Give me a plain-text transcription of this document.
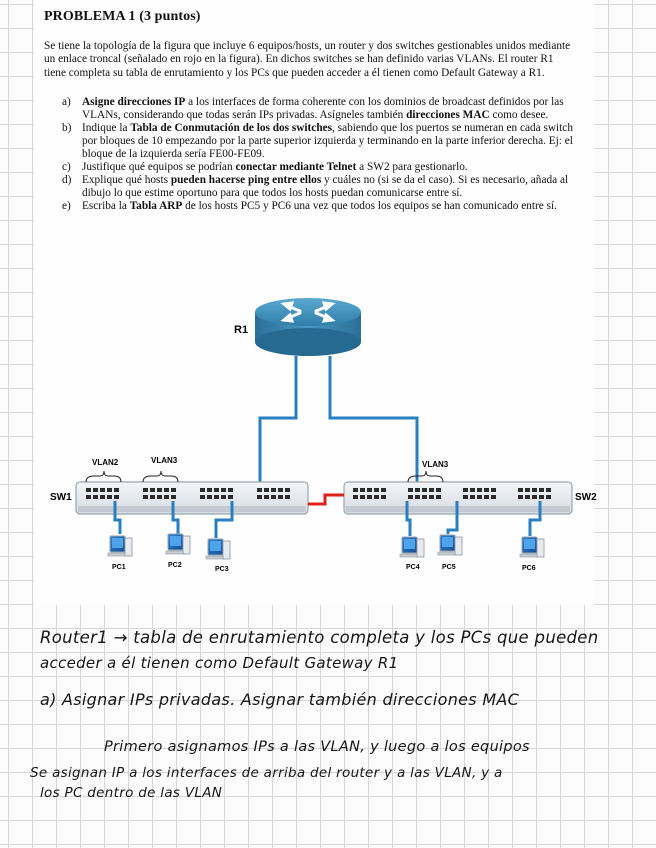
PROBLEMA 1 (3 puntos)
Se tiene la topología de la figura que incluye 6 equipos/hosts, un router y dos switches gestionables unidos mediante un enlace troncal (señalado en rojo en la figura). En dichos switches se han definido varias VLANs. El router R1 tiene completa su tabla de enrutamiento y los PCs que pueden acceder a él tienen como Default Gateway a R1.
a) Asigne direcciones IP a los interfaces de forma coherente con los dominios de broadcast definidos por las VLANs, considerando que todas serán IPs privadas. Asígneles también direcciones MAC como desee.
b) Indique la Tabla de Conmutación de los dos switches, sabiendo que los puertos se numeran en cada switch por bloques de 10 empezando por la parte superior izquierda y terminando en la parte inferior derecha. Ej: el bloque de la izquierda sería FE00-FE09.
c) Justifique qué equipos se podrían conectar mediante Telnet a SW2 para gestionarlo.
d) Explique qué hosts pueden hacerse ping entre ellos y cuáles no (si se da el caso). Si es necesario, añada al dibujo lo que estime oportuno para que todos los hosts puedan comunicarse entre sí.
e) Escriba la Tabla ARP de los hosts PC5 y PC6 una vez que todos los equipos se han comunicado entre sí.
R1
SW1	SW2
VLAN2	VLAN3	VLAN3
PC1	PC2
PC3	PC4	PC5	PC6
Router1 → tabla de enrutamiento completa y los PCs que pueden
acceder a él tienen como Default Gateway R1
a) Asignar IPs privadas. Asignar también direcciones MAC
Primero asignamos IPs a las VLAN, y luego a los equipos
Se asignan IP a los interfaces de arriba del router y a las VLAN, y a
los PC dentro de las VLAN
